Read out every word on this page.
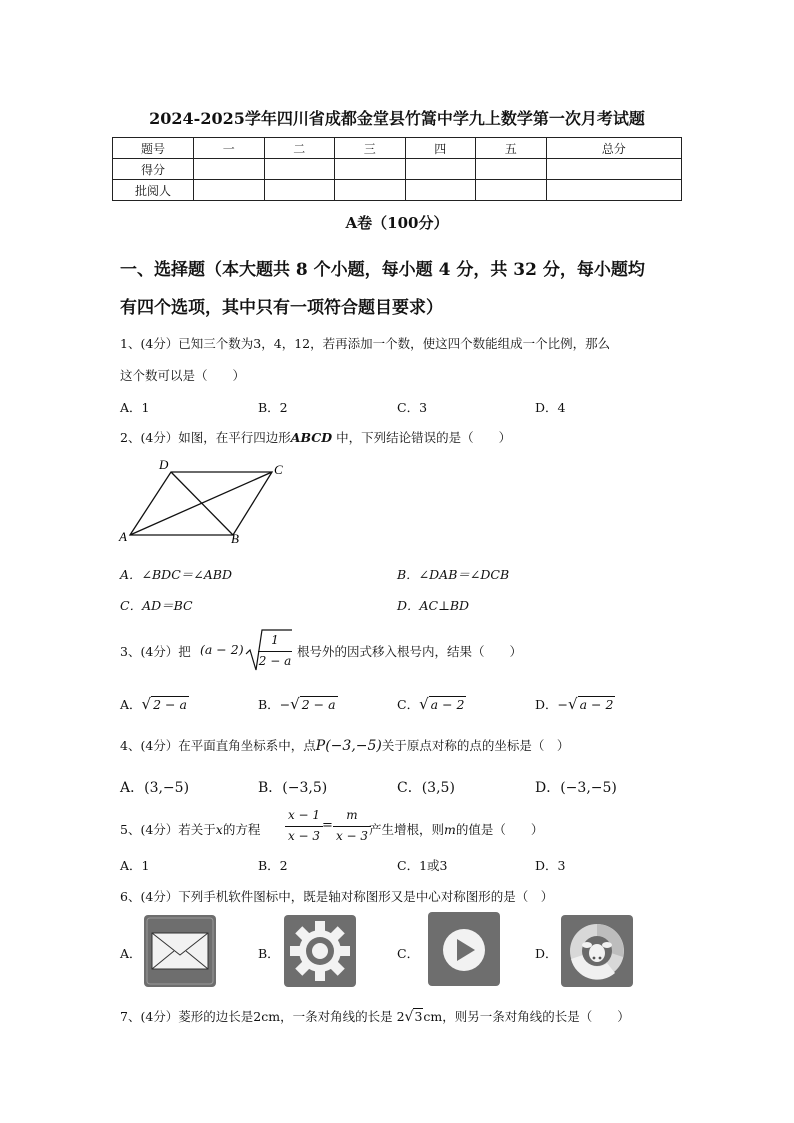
2024-2025学年四川省成都金堂县竹篙中学九上数学第一次月考试题
题号	一	二	三	四	五	总分
得分						
批阅人						
A卷（100分）
一、选择题（本大题共 8 个小题，每小题 4 分，共 32 分，每小题均
有四个选项，其中只有一项符合题目要求）
1、(4分）已知三个数为3，4，12，若再添加一个数，使这四个数能组成一个比例，那么
这个数可以是（　　）
A．1	B．2	C．3	D．4
2、(4分）如图，在平行四边形ABCD 中，下列结论错误的是（　　）
A	B
C
D
A．∠BDC＝∠ABD	B．∠DAB＝∠DCB
C．AD＝BC	D．AC⊥BD
3、(4分）把 (a − 2)
1
2 − a
根号外的因式移入根号内，结果（　　）
A．√ 2 − a	B．−√ 2 − a	C．√ a − 2	D．−√ a − 2
4、(4分）在平面直角坐标系中，点P(−3,−5)关于原点对称的点的坐标是（　）
A．(3,−5)	B．(−3,5)	C．(3,5)	D．(−3,−5)
5、(4分）若关于x的方程
x − 1
x − 3
=
m
x − 3 产生增根，则m的值是（　　）
A．1	B．2	C．1或3	D．3
6、(4分）下列手机软件图标中，既是轴对称图形又是中心对称图形的是（　）
A．	B．	C．	D．
7、(4分）菱形的边长是2cm，一条对角线的长是 2√3cm，则另一条对角线的长是（　　）
